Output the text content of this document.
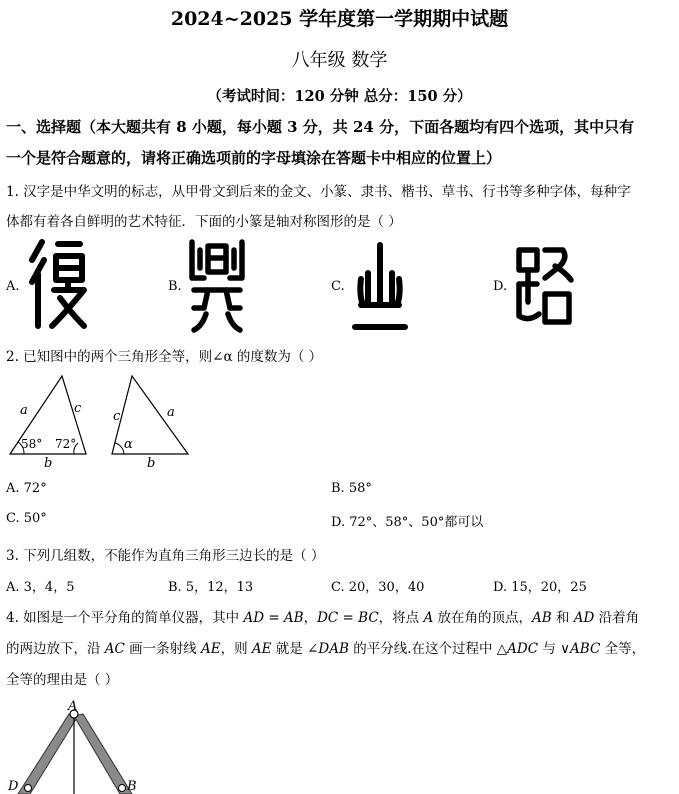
2024~2025 学年度第一学期期中试题
八年级 数学
（考试时间：120 分钟 总分：150 分）
一、选择题（本大题共有 8 小题，每小题 3 分，共 24 分，下面各题均有四个选项，其中只有
一个是符合题意的，请将正确选项前的字母填涂在答题卡中相应的位置上）
1. 汉字是中华文明的标志，从甲骨文到后来的金文、小篆、隶书、楷书、草书、行书等多种字体，每种字
体都有着各自鲜明的艺术特征．下面的小篆是轴对称图形的是（ ）
A.	B.	C.	D.
2. 已知图中的两个三角形全等，则∠α 的度数为（ ）
a	c
b
58° 72°
c	a
b
α
A. 72°	B. 58°
C. 50°	D. 72°、58°、50°都可以
3. 下列几组数，不能作为直角三角形三边长的是（ ）
A. 3，4，5	B. 5，12，13	C. 20，30，40	D. 15，20，25
4. 如图是一个平分角的简单仪器，其中 AD = AB，DC = BC，将点 A 放在角的顶点，AB 和 AD 沿着角
的两边放下，沿 AC 画一条射线 AE，则 AE 就是 ∠DAB 的平分线.在这个过程中 △ADC 与 ∨ABC 全等，
全等的理由是（ ）
A
D	B
